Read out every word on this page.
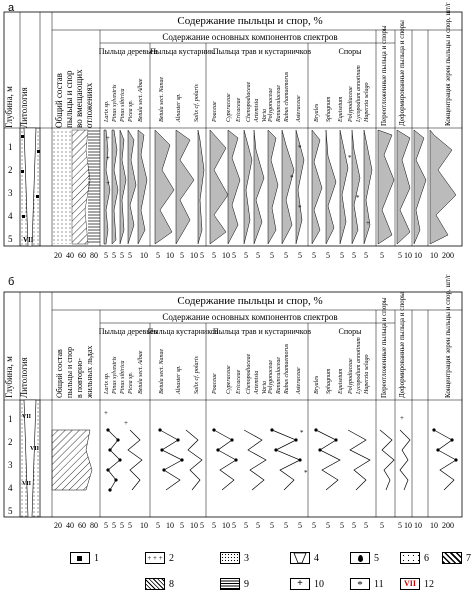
а
б
Содержание пыльцы и спор, %
Содержание основных компонентов спектров
Пыльца деревьев
Пыльца кустарник.
Пыльца трав и кустарничков	Споры
Глубина, м Литология	Общий состав пыльцы и спор во вмещающих отложениях Larix sp. Pinus sylvestris Pinus sibirica Picea sp. Betula sect. Albae	Betula sect. Nanae Alnaster sp. Salix cf. polaris Poaceae Cyperaceae Ericaceae Chenopodiaceae Artemisia Varia Polygonaceae Ranunculaceae Rubus chamaemorus Asteraceae Bryales Sphagnum Equisetum Polypodiaceae Lycopodium annotinum Huperzia selago Переотложенные пыльца и споры Деформированные пыльца и споры	Концентрация зерен пыльцы и спор, шт/г
VII
1
2
3
4
5
+
+
+
*
*
*
*
*
+
20 40 60 80 5 5 5 5 10 5 10 5 10 5 5 10 5 5 5 5 5 5 5 5 5 5 5 5 5 10 10 10 200
Содержание пыльцы и спор, %
Содержание основных компонентов спектров
Пыльца деревьев
Пыльца кустарников
Пыльца трав и кустарничков	Споры
Глубина, м Литология	Общий состав пыльцы и спор в повторно- жильных льдах Larix sp. Pinus sylvestris Pinus sibirica Picea sp. Betula sect. Albae	Betula sect. Nanae Alnaster sp. Salix cf. polaris Poaceae Cyperaceae Ericaceae Chenopodiaceae Artemisia Varia Polygonaceae Ranunculaceae Rubus chamaemorus Asteraceae Bryales Sphagnum Equisetum Polypodiaceae Lycopodium annotinum Huperzia selago Переотложенные пыльца и споры Деформированные пыльца и споры	Концентрация зерен пыльцы и спор, шт/г
VII
VII
VII
1
2
3
4
5
+
+
*
*
+
20 40 60 80 5 5 5 5 10 5 10 5 10 5 5 10 5 5 5 5 5 5 5 5 5 5 5 5 5 10 10 10 200
1	+ + + 2	3	4	5	6	7
8	9	+	10	*	11	VII 12
